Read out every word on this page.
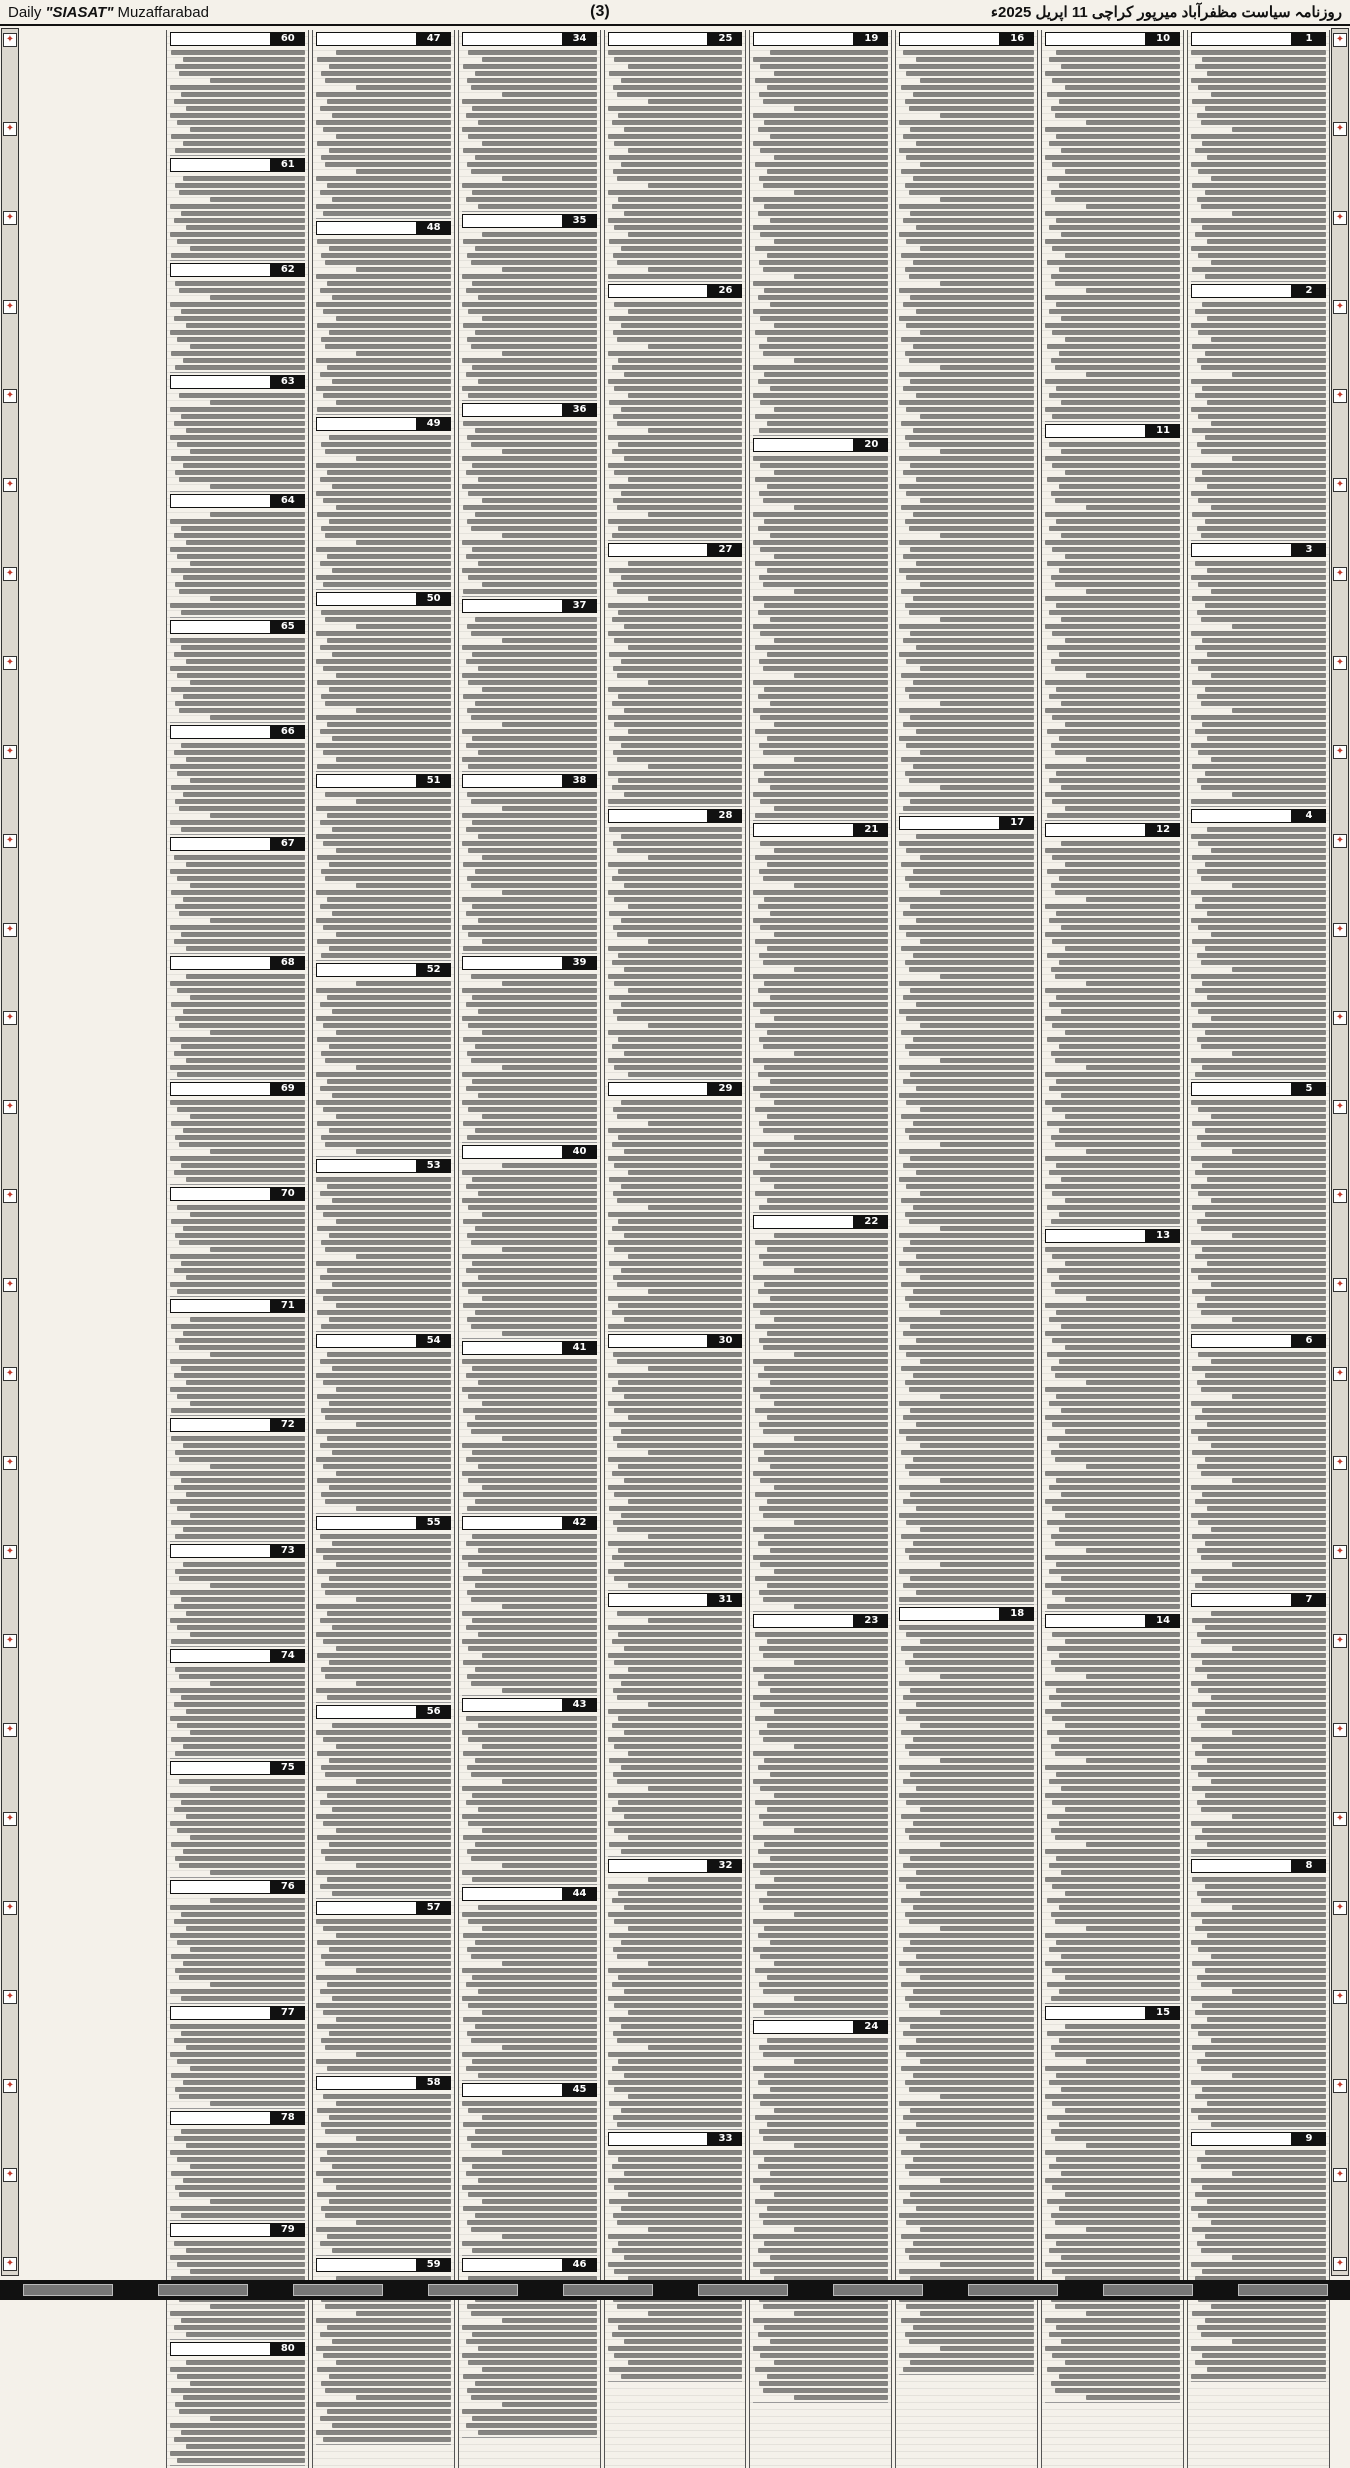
Daily "SIASAT" Muzaffarabad	(3)	روزنامہ سیاست مظفرآباد میرپور کراچی 11 اپریل 2025ء
✦
✦
✦
✦
✦
✦
✦
✦
✦
✦
✦
✦
✦
✦
✦
✦
✦
✦
✦
✦
✦
✦
✦
✦
✦
✦
✦
✦
✦
✦
✦
✦
✦
✦
✦
✦
✦
✦
✦
✦
✦
✦
✦
✦
✦
✦
✦
✦
✦
✦
✦
✦
1
2
3
4
5
6
7
8
9
10
11
12
13
14
15
16
17
18
19
20
21
22
23
24
25
26
27
28
29
30
31
32
33
34
35
36
37
38
39
40
41
42
43
44
45
46
47
48
49
50
51
52
53
54
55
56
57
58
59
60
61
62
63
64
65
66
67
68
69
70
71
72
73
74
75
76
77
78
79
80
